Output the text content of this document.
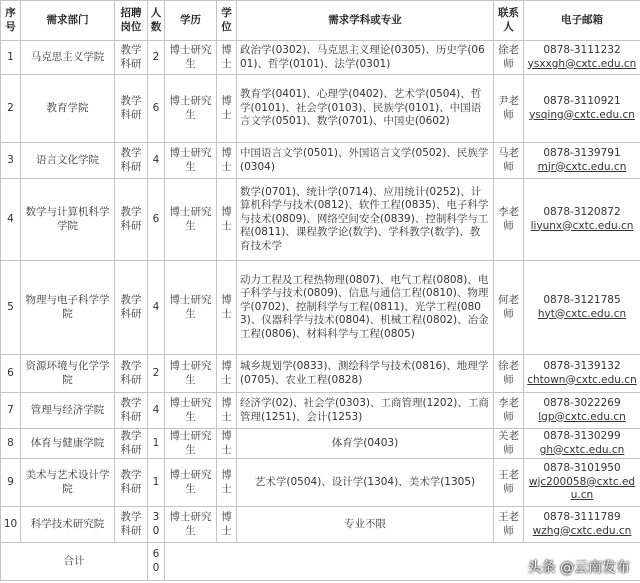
序号	需求部门	招聘岗位	人数	学历	学位	需求学科或专业	联系人	电子邮箱
1	马克思主义学院	教学科研	2	博士研究生	博士	政治学(0302)、马克思主义理论(0305)、历史学(0601)、哲学(0101)、法学(0301)	徐老师	0878-3111232
ysxxgh@cxtc.edu.cn

2	教育学院	教学科研	6	博士研究生	博士	教育学(0401)、心理学(0402)、艺术学(0504)、哲学(0101)、社会学(0103)、民族学(0101)、中国语言文学(0501)、数学(0701)、中国史(0602)	尹老师	0878-3110921
ysqing@cxtc.edu.cn

3	语言文化学院	教学科研	4	博士研究生	博士	中国语言文学(0501)、外国语言文学(0502)、民族学(0304)	马老师	0878-3139791
mjr@cxtc.edu.cn

4	数学与计算机科学学院	教学科研	6	博士研究生	博士	数学(0701)、统计学(0714)、应用统计(0252)、计算机科学与技术(0812)、软件工程(0835)、电子科学与技术(0809)、网络空间安全(0839)、控制科学与工程(0811)、课程教学论(数学)、学科教学(数学)、教育技术学	李老师	0878-3120872
liyunx@cxtc.edu.cn

5	物理与电子科学学院	教学科研	4	博士研究生	博士	动力工程及工程热物理(0807)、电气工程(0808)、电子科学与技术(0809)、信息与通信工程(0810)、物理学(0702)、控制科学与工程(0811)、光学工程(0803)、仪器科学与技术(0804)、机械工程(0802)、冶金工程(0806)、材料科学与工程(0805)	何老师	0878-3121785
hyt@cxtc.edu.cn

6	资源环境与化学学院	教学科研	2	博士研究生	博士	城乡规划学(0833)、测绘科学与技术(0816)、地理学(0705)、农业工程(0828)	徐老师	0878-3139132
chtown@cxtc.edu.cn

7	管理与经济学院	教学科研	4	博士研究生	博士	经济学(02)、社会学(0303)、工商管理(1202)、工商管理(1251)、会计(1253)	李老师	0878-3022269
lgp@cxtc.edu.cn

8	体育与健康学院	教学科研	1	博士研究生	博士	体育学(0403)	关老师	0878-3130299
gh@cxtc.edu.cn

9	美术与艺术设计学院	教学科研	1	博士研究生	博士	艺术学(0504)、设计学(1304)、美术学(1305)	王老师	0878-3101950
wjc200058@cxtc.edu.cn

10	科学技术研究院	教学科研	30	博士研究生	博士	专业不限	王老师	0878-3111789
wzhg@cxtc.edu.cn

合计			60						头条 @云南发布
